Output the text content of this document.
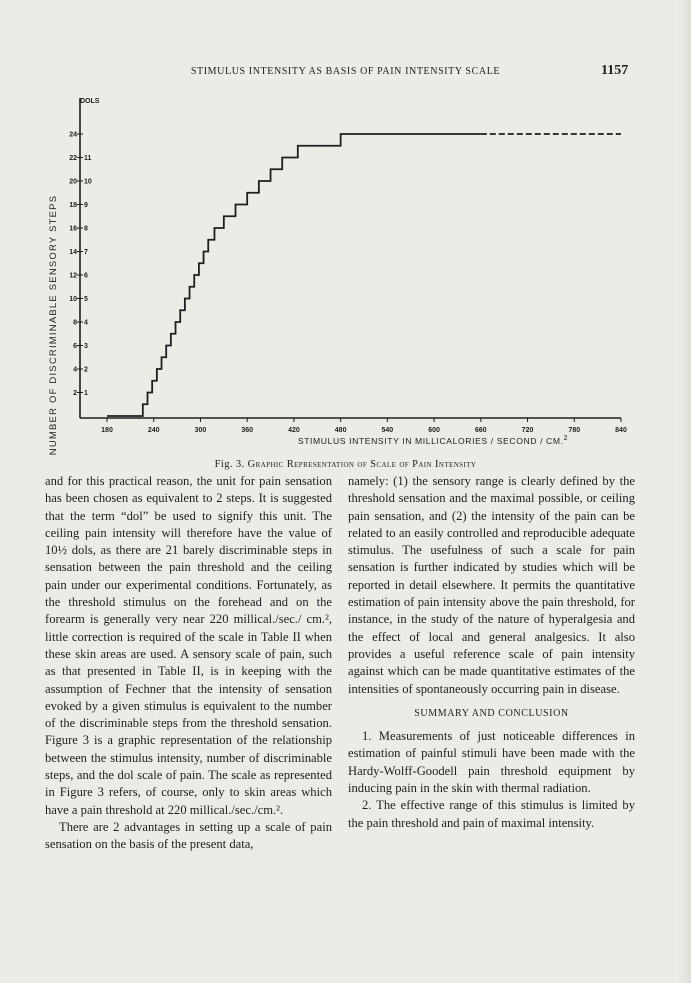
STIMULUS INTENSITY AS BASIS OF PAIN INTENSITY SCALE	1157
180	240	300	360	420	480	540	600	660	720	780	840
2 1
4 2
6 3
8 4
10 5
12 6
14 7
16 8
18 9
20 10
22 11
24
DOLS
NUMBER OF DISCRIMINABLE SENSORY STEPS	STIMULUS INTENSITY IN MILLICALORIES / SECOND / CM.$^2$
Fig. 3. Graphic Representation of Scale of Pain Intensity

and for this practical reason, the unit for pain sensation has been chosen as equivalent to 2 steps. It is suggested that the term “dol” be used to signify this unit. The ceiling pain intensity will therefore have the value of 10½ dols, as there are 21 barely discriminable steps in sensation between the pain threshold and the ceiling pain under our experimental conditions. Fortunately, as the threshold stimulus on the forehead and on the forearm is generally very near 220 millical./sec./ cm.², little correction is required of the scale in Table II when these skin areas are used. A sensory scale of pain, such as that presented in Table II, is in keeping with the assumption of Fechner that the intensity of sensation evoked by a given stimulus is equivalent to the number of the discriminable steps from the threshold sensation. Figure 3 is a graphic representation of the relationship between the stimulus intensity, number of discriminable steps, and the dol scale of pain. The scale as represented in Figure 3 refers, of course, only to skin areas which have a pain threshold at 220 millical./sec./cm.².

There are 2 advantages in setting up a scale of pain sensation on the basis of the present data,

namely: (1) the sensory range is clearly defined by the threshold sensation and the maximal possible, or ceiling pain sensation, and (2) the intensity of the pain can be related to an easily controlled and reproducible adequate stimulus. The usefulness of such a scale for pain sensation is further indicated by studies which will be reported in detail elsewhere. It permits the quantitative estimation of pain intensity above the pain threshold, for instance, in the study of the nature of hyperalgesia and the effect of local and general analgesics. It also provides a useful reference scale of pain intensity against which can be made quantitative estimates of the intensities of spontaneously occurring pain in disease.

SUMMARY AND CONCLUSION

1. Measurements of just noticeable differences in estimation of painful stimuli have been made with the Hardy-Wolff-Goodell pain threshold equipment by inducing pain in the skin with thermal radiation.

2. The effective range of this stimulus is limited by the pain threshold and pain of maximal intensity.
